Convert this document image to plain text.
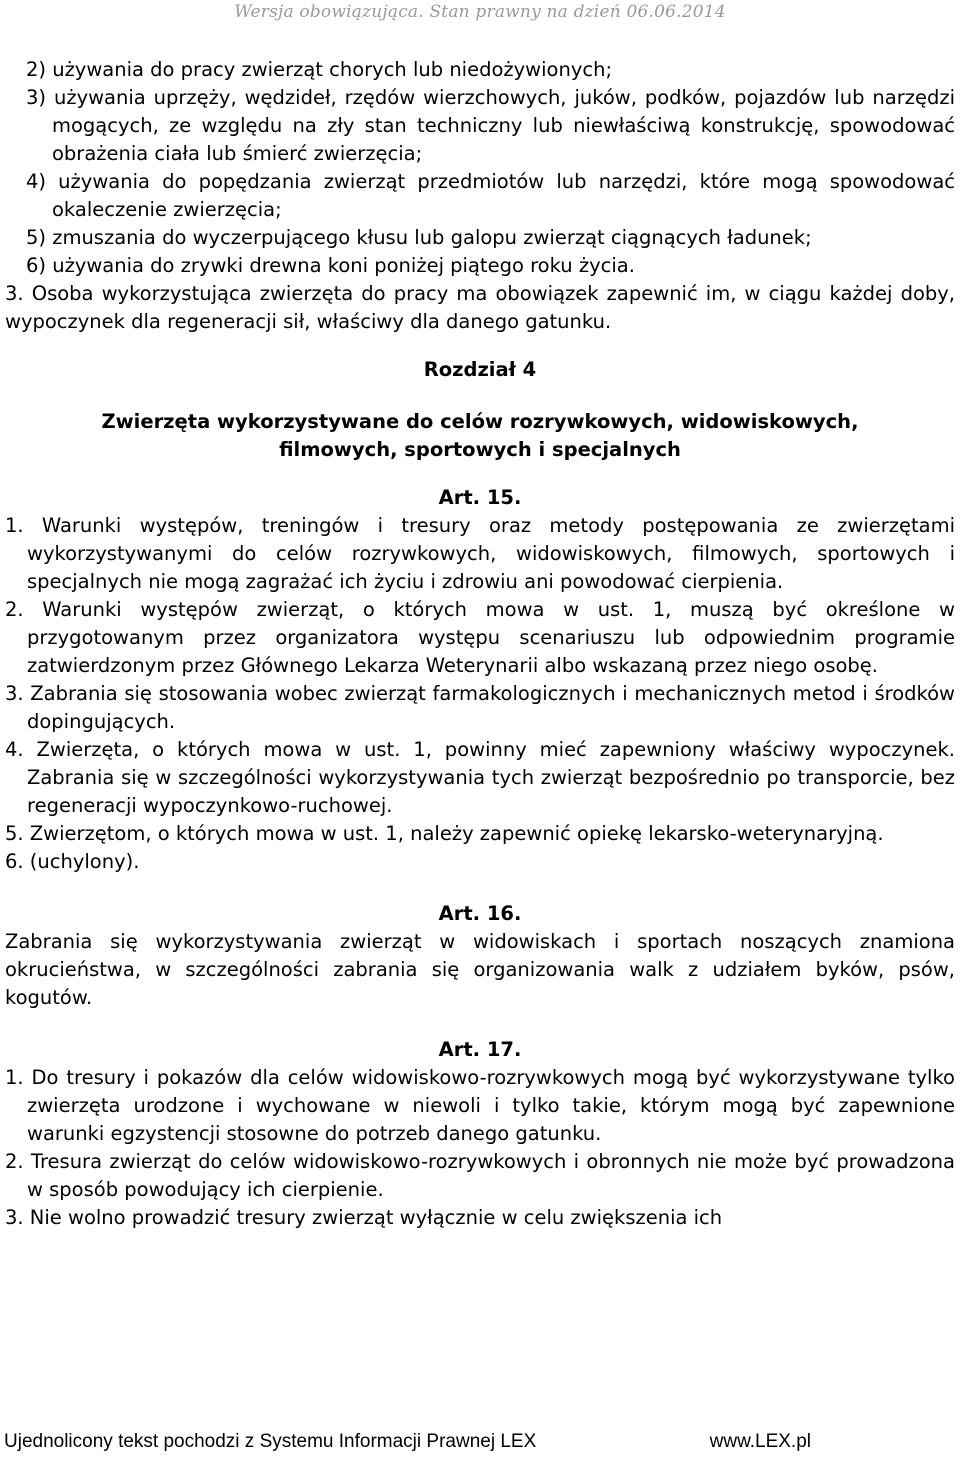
Wersja obowiązująca. Stan prawny na dzień 06.06.2014

2) używania do pracy zwierząt chorych lub niedożywionych;

3) używania uprzęży, wędzideł, rzędów wierzchowych, juków, podków, pojazdów lub narzędzi mogących, ze względu na zły stan techniczny lub niewłaściwą konstrukcję, spowodować obrażenia ciała lub śmierć zwierzęcia;

4) używania do popędzania zwierząt przedmiotów lub narzędzi, które mogą spowodować okaleczenie zwierzęcia;

5) zmuszania do wyczerpującego kłusu lub galopu zwierząt ciągnących ładunek;

6) używania do zrywki drewna koni poniżej piątego roku życia.

3. Osoba wykorzystująca zwierzęta do pracy ma obowiązek zapewnić im, w ciągu każdej doby, wypoczynek dla regeneracji sił, właściwy dla danego gatunku.

Rozdział 4

Zwierzęta wykorzystywane do celów rozrywkowych, widowiskowych,

filmowych, sportowych i specjalnych

Art. 15.

1. Warunki występów, treningów i tresury oraz metody postępowania ze zwierzętami wykorzystywanymi do celów rozrywkowych, widowiskowych, filmowych, sportowych i specjalnych nie mogą zagrażać ich życiu i zdrowiu ani powodować cierpienia.

2. Warunki występów zwierząt, o których mowa w ust. 1, muszą być określone w przygotowanym przez organizatora występu scenariuszu lub odpowiednim programie zatwierdzonym przez Głównego Lekarza Weterynarii albo wskazaną przez niego osobę.

3. Zabrania się stosowania wobec zwierząt farmakologicznych i mechanicznych metod i środków dopingujących.

4. Zwierzęta, o których mowa w ust. 1, powinny mieć zapewniony właściwy wypoczynek. Zabrania się w szczególności wykorzystywania tych zwierząt bezpośrednio po transporcie, bez regeneracji wypoczynkowo-ruchowej.

5. Zwierzętom, o których mowa w ust. 1, należy zapewnić opiekę lekarsko-weterynaryjną.

6. (uchylony).

Art. 16.

Zabrania się wykorzystywania zwierząt w widowiskach i sportach noszących znamiona okrucieństwa, w szczególności zabrania się organizowania walk z udziałem byków, psów, kogutów.

Art. 17.

1. Do tresury i pokazów dla celów widowiskowo-rozrywkowych mogą być wykorzystywane tylko zwierzęta urodzone i wychowane w niewoli i tylko takie, którym mogą być zapewnione warunki egzystencji stosowne do potrzeb danego gatunku.

2. Tresura zwierząt do celów widowiskowo-rozrywkowych i obronnych nie może być prowadzona w sposób powodujący ich cierpienie.

3. Nie wolno prowadzić tresury zwierząt wyłącznie w celu zwiększenia ich

Ujednolicony tekst pochodzi z Systemu Informacji Prawnej LEX	www.LEX.pl
